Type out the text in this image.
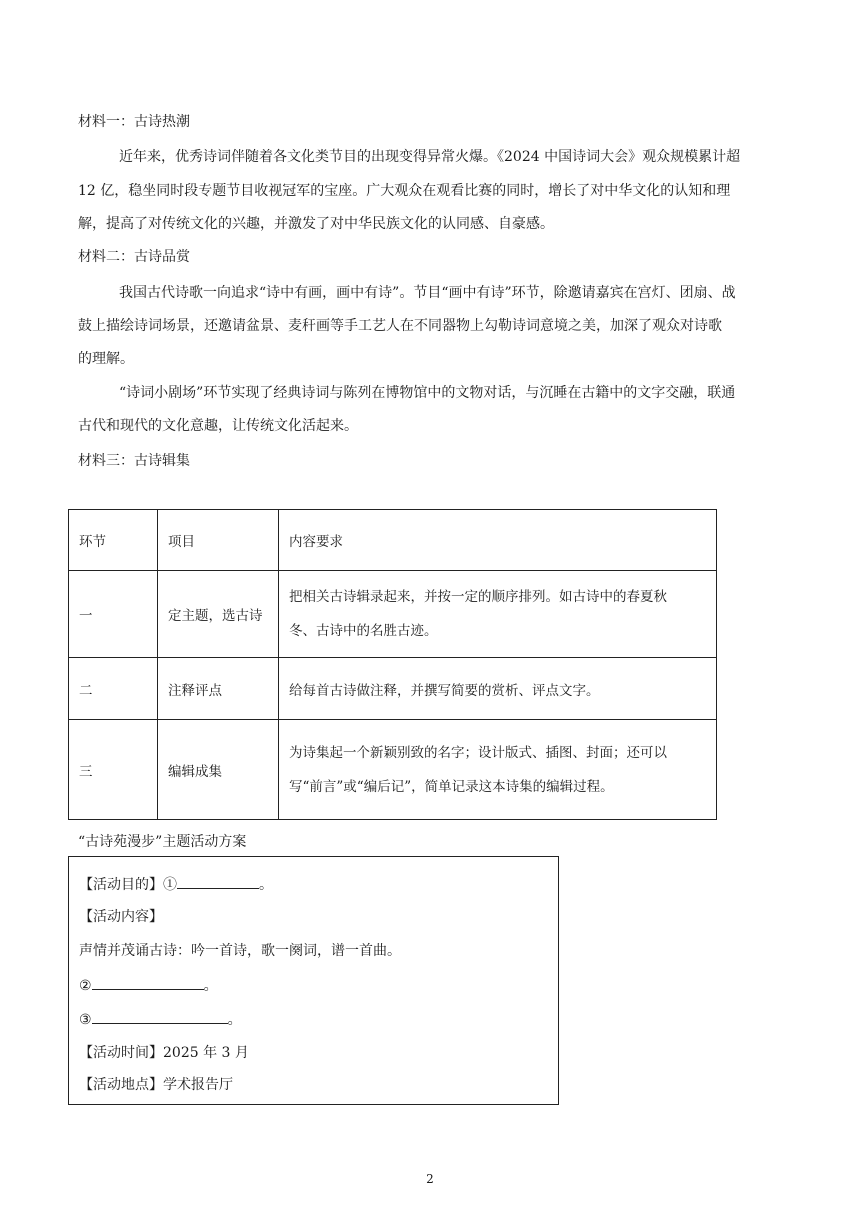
材料一：古诗热潮
近年来，优秀诗词伴随着各文化类节目的出现变得异常火爆。《2024 中国诗词大会》观众规模累计超
12 亿，稳坐同时段专题节目收视冠军的宝座。广大观众在观看比赛的同时，增长了对中华文化的认知和理
解，提高了对传统文化的兴趣，并激发了对中华民族文化的认同感、自豪感。
材料二：古诗品赏
我国古代诗歌一向追求“诗中有画，画中有诗”。节目“画中有诗”环节，除邀请嘉宾在宫灯、团扇、战
鼓上描绘诗词场景，还邀请盆景、麦秆画等手工艺人在不同器物上勾勒诗词意境之美，加深了观众对诗歌
的理解。
“诗词小剧场”环节实现了经典诗词与陈列在博物馆中的文物对话，与沉睡在古籍中的文字交融，联通
古代和现代的文化意趣，让传统文化活起来。
材料三：古诗辑集
环节	项目	内容要求
一	定主题，选古诗	把相关古诗辑录起来，并按一定的顺序排列。如古诗中的春夏秋
冬、古诗中的名胜古迹。

二	注释评点	给每首古诗做注释，并撰写简要的赏析、评点文字。
三	编辑成集	为诗集起一个新颖别致的名字；设计版式、插图、封面；还可以
写“前言”或“编后记”，简单记录这本诗集的编辑过程。
“古诗苑漫步”主题活动方案
【活动目的】①	。
【活动内容】
声情并茂诵古诗：吟一首诗，歌一阕词，谱一首曲。
②	。
③	。
【活动时间】2025 年 3 月
【活动地点】学术报告厅
2
